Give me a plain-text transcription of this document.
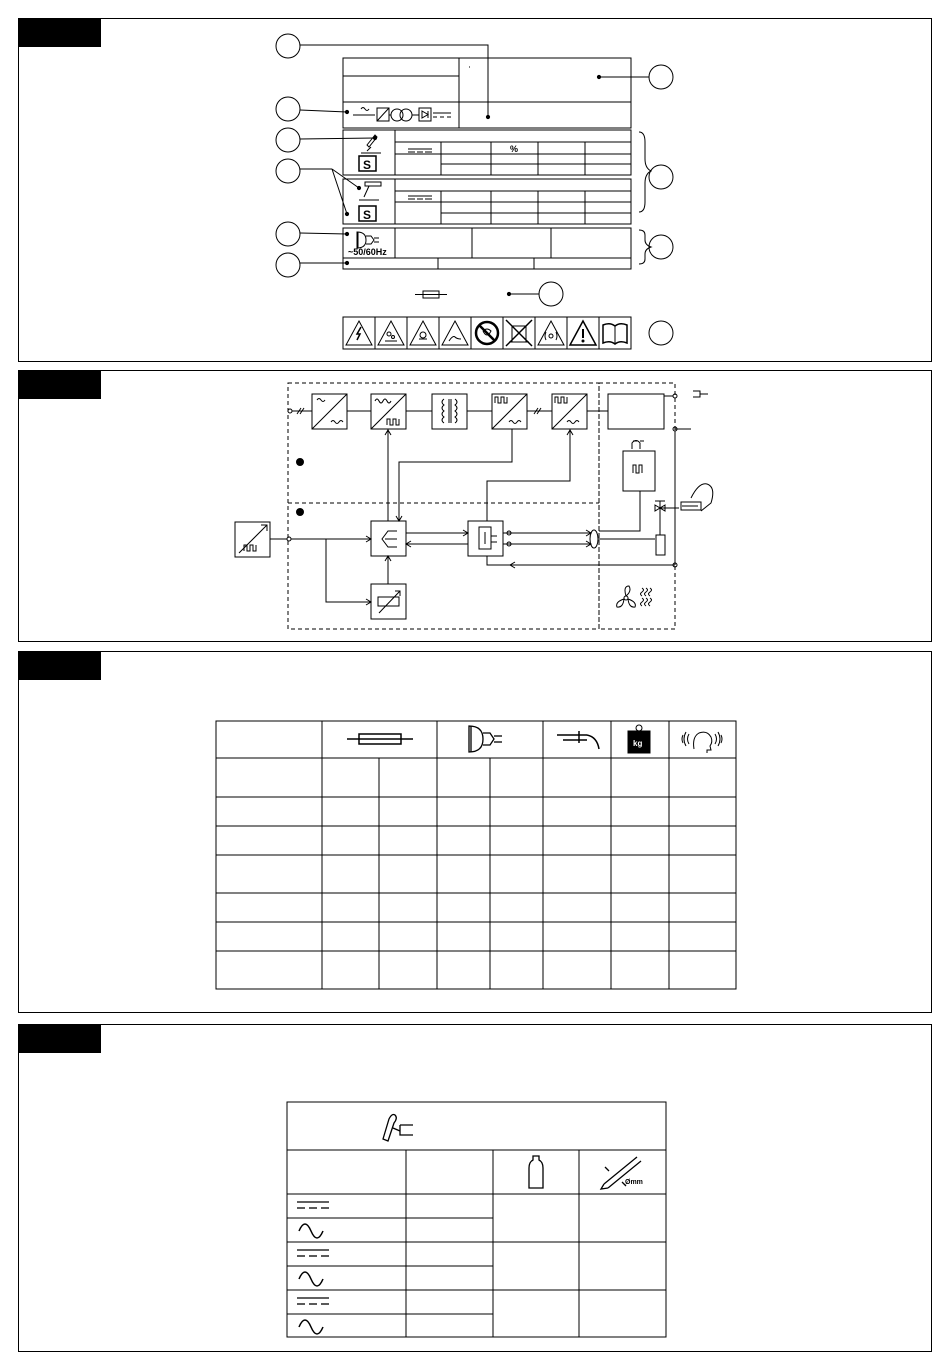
%
S
S
~50/60Hz
kg
Ømm
